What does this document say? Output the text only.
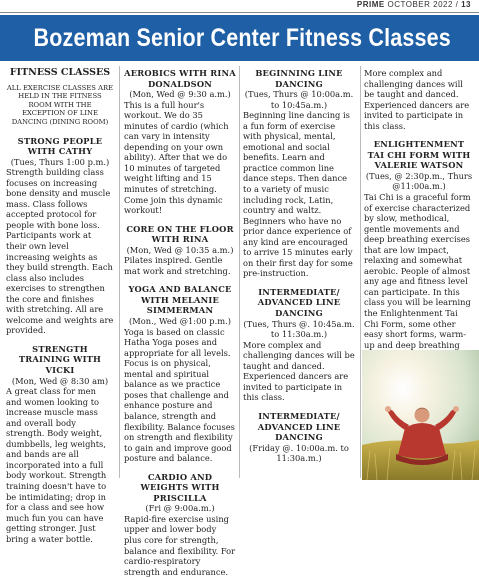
PRIME OCTOBER 2022 / 13
Bozeman Senior Center Fitness Classes

FITNESS CLASSES

ALL EXERCISE CLASSES ARE HELD IN THE FITNESS ROOM WITH THE EXCEPTION OF LINE DANCING (DINING ROOM)

STRONG PEOPLE WITH CATHY

(Tues, Thurs 1:00 p.m.)

Strength building class focuses on increasing bone density and muscle mass. Class follows accepted protocol for people with bone loss. Participants work at their own level increasing weights as they build strength. Each class also includes exercises to strengthen the core and finishes with stretching. All are welcome and weights are provided.

STRENGTH TRAINING WITH VICKI

(Mon, Wed @ 8:30 am)

A great class for men and women looking to increase muscle mass and overall body strength. Body weight, dumbbells, leg weights, and bands are all incorporated into a full body workout. Strength training doesn't have to be intimidating; drop in for a class and see how much fun you can have getting stronger. Just bring a water bottle.

AEROBICS WITH RINA DONALDSON

(Mon, Wed @ 9:30 a.m.)

This is a full hour's workout. We do 35 minutes of cardio (which can vary in intensity depending on your own ability). After that we do 10 minutes of targeted weight lifting and 15 minutes of stretching. Come join this dynamic workout!

CORE ON THE FLOOR WITH RINA

(Mon, Wed @ 10:35 a.m.)

Pilates inspired. Gentle mat work and stretching.

YOGA AND BALANCE WITH MELANIE SIMMERMAN

(Mon., Wed @1:00 p.m.)

Yoga is based on classic Hatha Yoga poses and appropriate for all levels. Focus is on physical, mental and spiritual balance as we practice poses that challenge and enhance posture and balance, strength and flexibility. Balance focuses on strength and flexibility to gain and improve good posture and balance.

CARDIO AND WEIGHTS WITH PRISCILLA

(Fri @ 9:00a.m.)

Rapid-fire exercise using upper and lower body plus core for strength, balance and flexibility. For cardio-respiratory strength and endurance.

BEGINNING LINE DANCING

(Tues, Thurs @ 10:00a.m. to 10:45a.m.)

Beginning line dancing is a fun form of exercise with physical, mental, emotional and social benefits. Learn and practice common line dance steps. Then dance to a variety of music including rock, Latin, country and waltz. Beginners who have no prior dance experience of any kind are encouraged to arrive 15 minutes early on their first day for some pre-instruction.

INTERMEDIATE/ ADVANCED LINE DANCING

(Tues, Thurs @. 10:45a.m. to 11:30a.m.)

More complex and challenging dances will be taught and danced. Experienced dancers are invited to participate in this class.

INTERMEDIATE/ ADVANCED LINE DANCING

(Friday @. 10:00a.m. to 11:30a.m.)

More complex and challenging dances will be taught and danced. Experienced dancers are invited to participate in this class.

ENLIGHTENMENT TAI CHI FORM WITH VALERIE WATSON

(Tues, @ 2:30p.m., Thurs @11:00a.m.)

Tai Chi is a graceful form of exercise characterized by slow, methodical, gentle movements and deep breathing exercises that are low impact, relaxing and somewhat aerobic. People of almost any age and fitness level can participate. In this class you will be learning the Enlightenment Tai Chi Form, some other easy short forms, warm-up and deep breathing
